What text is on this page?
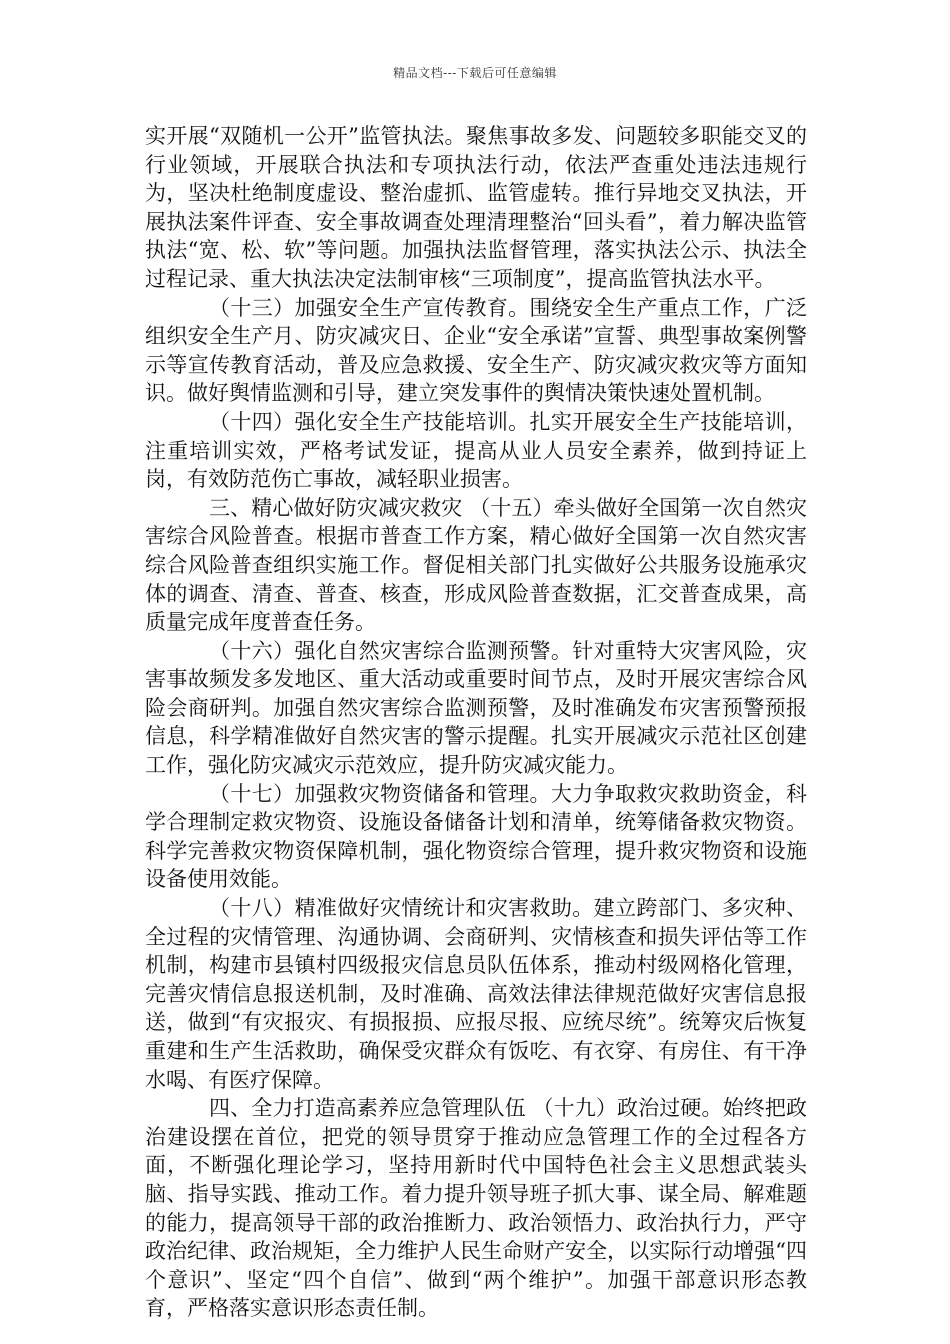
精品文档---下载后可任意编辑

实开展“双随机一公开”监管执法。聚焦事故多发、问题较多职能交叉的行业领域，开展联合执法和专项执法行动，依法严查重处违法违规行为，坚决杜绝制度虚设、整治虚抓、监管虚转。推行异地交叉执法，开展执法案件评查、安全事故调查处理清理整治“回头看”，着力解决监管执法“宽、松、软”等问题。加强执法监督管理，落实执法公示、执法全过程记录、重大执法决定法制审核“三项制度”，提高监管执法水平。

（十三）加强安全生产宣传教育。围绕安全生产重点工作，广泛组织安全生产月、防灾减灾日、企业“安全承诺”宣誓、典型事故案例警示等宣传教育活动，普及应急救援、安全生产、防灾减灾救灾等方面知识。做好舆情监测和引导，建立突发事件的舆情决策快速处置机制。

（十四）强化安全生产技能培训。扎实开展安全生产技能培训，注重培训实效，严格考试发证，提高从业人员安全素养，做到持证上岗，有效防范伤亡事故，减轻职业损害。

三、精心做好防灾减灾救灾 （十五）牵头做好全国第一次自然灾害综合风险普查。根据市普查工作方案，精心做好全国第一次自然灾害综合风险普查组织实施工作。督促相关部门扎实做好公共服务设施承灾体的调查、清查、普查、核查，形成风险普查数据，汇交普查成果，高质量完成年度普查任务。

（十六）强化自然灾害综合监测预警。针对重特大灾害风险，灾害事故频发多发地区、重大活动或重要时间节点，及时开展灾害综合风险会商研判。加强自然灾害综合监测预警，及时准确发布灾害预警预报信息，科学精准做好自然灾害的警示提醒。扎实开展减灾示范社区创建工作，强化防灾减灾示范效应，提升防灾减灾能力。

（十七）加强救灾物资储备和管理。大力争取救灾救助资金，科学合理制定救灾物资、设施设备储备计划和清单，统筹储备救灾物资。科学完善救灾物资保障机制，强化物资综合管理，提升救灾物资和设施设备使用效能。

（十八）精准做好灾情统计和灾害救助。建立跨部门、多灾种、全过程的灾情管理、沟通协调、会商研判、灾情核查和损失评估等工作机制，构建市县镇村四级报灾信息员队伍体系，推动村级网格化管理，完善灾情信息报送机制，及时准确、高效法律法律规范做好灾害信息报送，做到“有灾报灾、有损报损、应报尽报、应统尽统”。统筹灾后恢复重建和生产生活救助，确保受灾群众有饭吃、有衣穿、有房住、有干净水喝、有医疗保障。

四、全力打造高素养应急管理队伍 （十九）政治过硬。始终把政治建设摆在首位，把党的领导贯穿于推动应急管理工作的全过程各方面，不断强化理论学习，坚持用新时代中国特色社会主义思想武装头脑、指导实践、推动工作。着力提升领导班子抓大事、谋全局、解难题的能力，提高领导干部的政治推断力、政治领悟力、政治执行力，严守政治纪律、政治规矩，全力维护人民生命财产安全，以实际行动增强“四个意识”、坚定“四个自信”、做到“两个维护”。加强干部意识形态教育，严格落实意识形态责任制。
